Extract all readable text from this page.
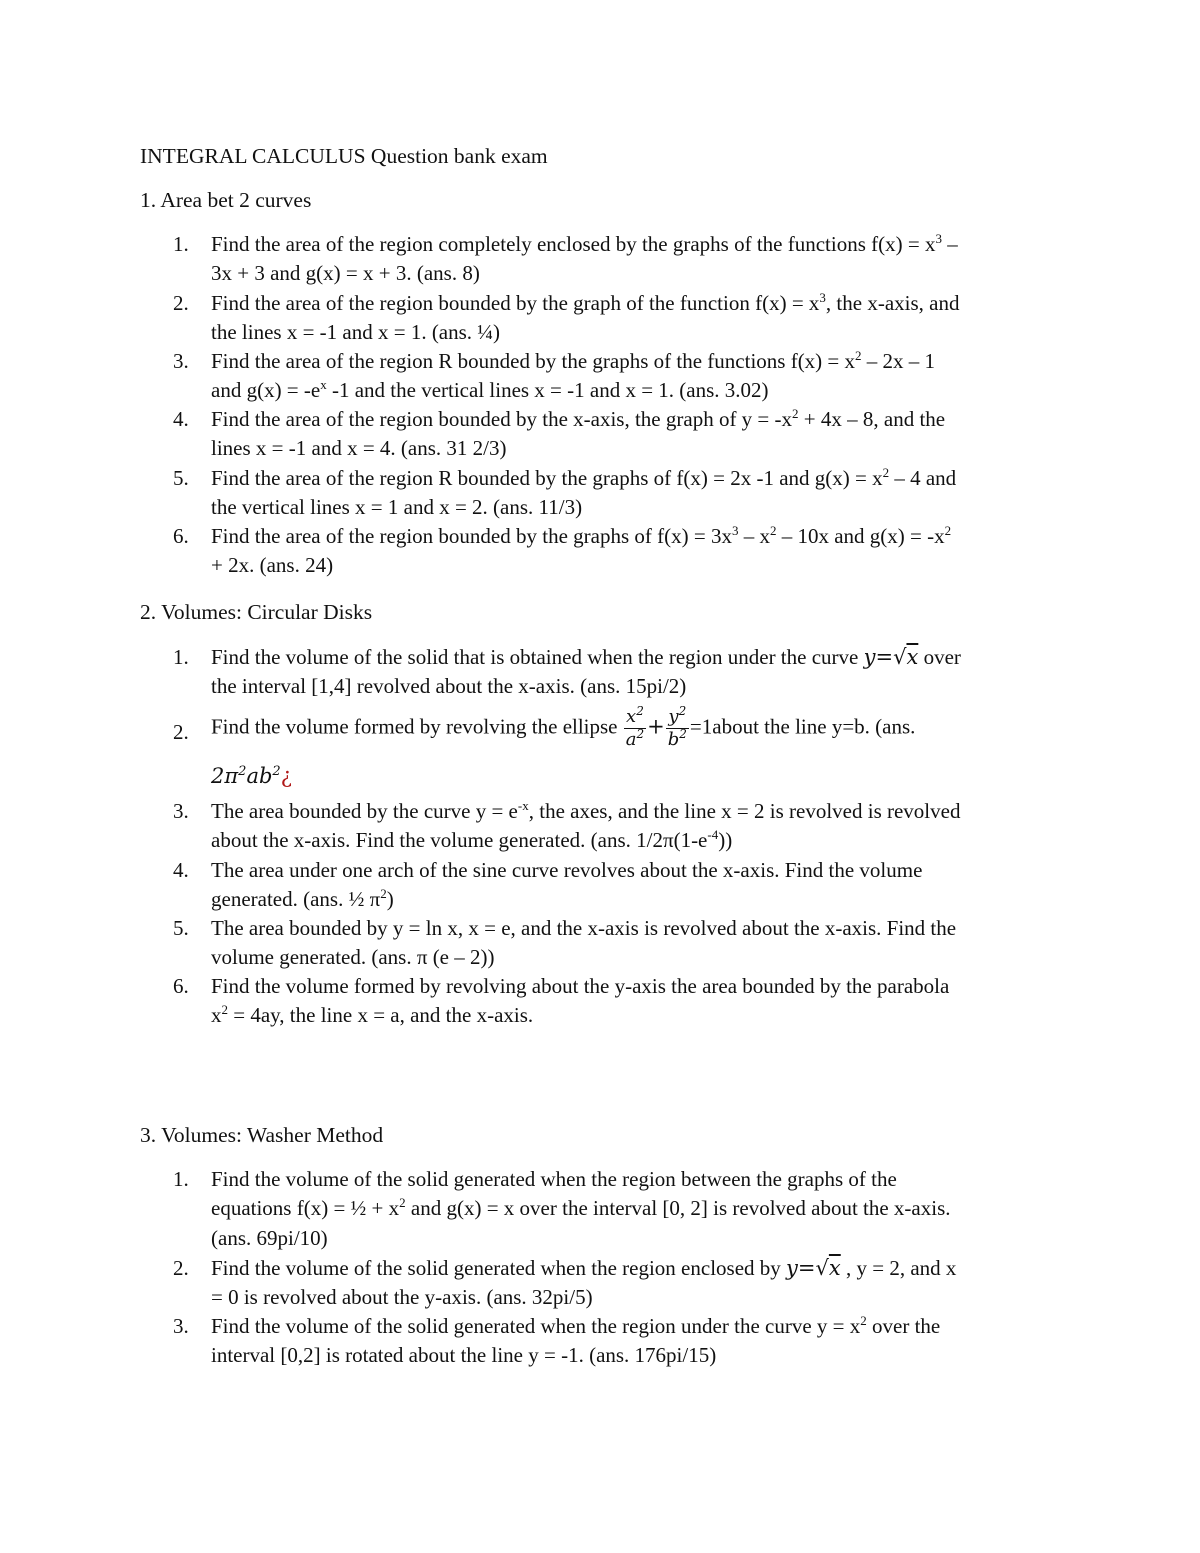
INTEGRAL CALCULUS Question bank exam
1. Area bet 2 curves
1. Find the area of the region completely enclosed by the graphs of the functions $f(x) = x^3$ –
3x + 3 and g(x) = x + 3. (ans. 8)
2. Find the area of the region bounded by the graph of the function $f(x) = x^3$, the x-axis, and
the lines x = -1 and x = 1. (ans. ¼)
3. Find the area of the region R bounded by the graphs of the functions $f(x) = x^2 - 2x - 1$
and $g(x) = -e^x$ -1 and the vertical lines x = -1 and x = 1. (ans. 3.02)
4. Find the area of the region bounded by the x-axis, the graph of $y = -x^2 + 4x - 8$, and the
lines x = -1 and x = 4. (ans. 31 2/3)
5. Find the area of the region R bounded by the graphs of f(x) = 2x -1 and $g(x) = x^2 - 4$ and
the vertical lines x = 1 and x = 2. (ans. 11/3)
6. Find the area of the region bounded by the graphs of $f(x) = 3x^3 - x^2 - 10x$ and $g(x) = -x^2$
+ 2x. (ans. 24)
2. Volumes: Circular Disks
1. Find the volume of the solid that is obtained when the region under the curve y=√x over
the interval [1,4] revolved about the x-axis. (ans. 15pi/2)
2. Find the volume formed by revolving the ellipse $\frac{x^2}{a^2} + \frac{y^2}{b^2}$ =1about the line y=b. (ans.
$2\pi^2ab^2¿$
3. The area bounded by the curve $y = e^{-x}$, the axes, and the line x = 2 is revolved is revolved
about the x-axis. Find the volume generated. (ans. $1/2\pi(1-e^{-4})$)
4. The area under one arch of the sine curve revolves about the x-axis. Find the volume
generated. (ans. ½ $\pi^2$)
5. The area bounded by y = ln x, x = e, and the x-axis is revolved about the x-axis. Find the
volume generated. (ans. π (e – 2))
6. Find the volume formed by revolving about the y-axis the area bounded by the parabola
$x^2 = 4ay$, the line x = a, and the x-axis.
3. Volumes: Washer Method
1. Find the volume of the solid generated when the region between the graphs of the
equations f(x) = ½ + $x^2$ and g(x) = x over the interval [0, 2] is revolved about the x-axis.
(ans. 69pi/10)
2. Find the volume of the solid generated when the region enclosed by y=√x , y = 2, and x
= 0 is revolved about the y-axis. (ans. 32pi/5)
3. Find the volume of the solid generated when the region under the curve $y = x^2$ over the
interval [0,2] is rotated about the line y = -1. (ans. 176pi/15)
